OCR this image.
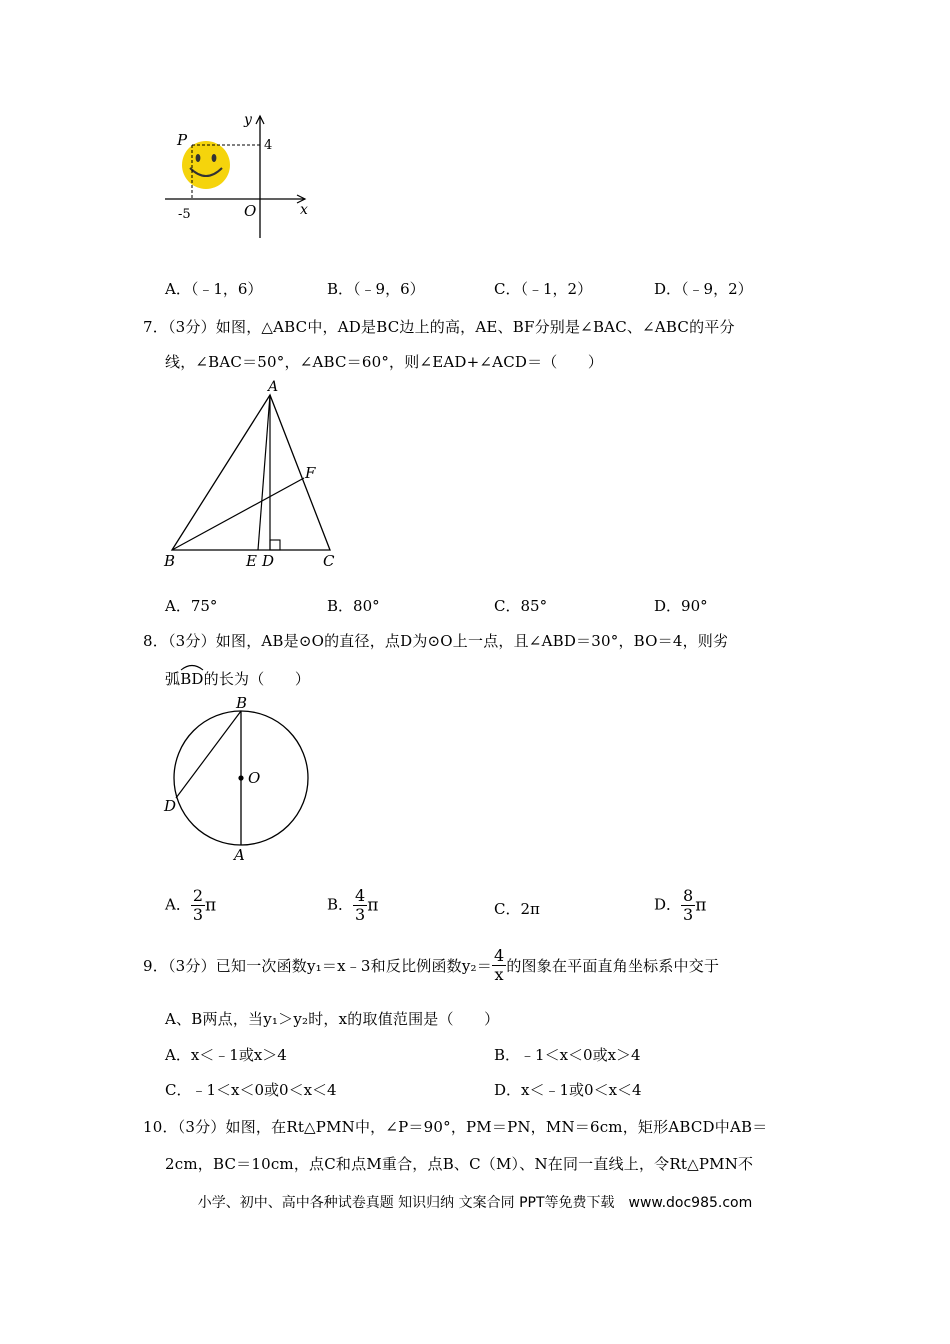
P
y
x
O
4
-5
A．（﹣1，6）	B．（﹣9，6）	C．（﹣1，2）	D．（﹣9，2）
7．（3分）如图，△ABC中，AD是BC边上的高，AE、BF分别是∠BAC、∠ABC的平分
线，∠BAC＝50°，∠ABC＝60°，则∠EAD+∠ACD＝（　　）
A
B	C
E D
F
A．75°	B．80°	C．85°	D．90°
8．（3分）如图，AB是⊙O的直径，点D为⊙O上一点，且∠ABD＝30°，BO＝4，则劣
弧
BD的长为（　　）
B
O
D
A
A． $\frac{2}{3}$ π	B． $\frac{4}{3}$ π	C．2π	D． $\frac{8}{3}$ π
9．（3分）已知一次函数y₁＝x﹣3和反比例函数$y_2= \frac{4}{x}$ 的图象在平面直角坐标系中交于
A、B两点，当y₁＞y₂时，x的取值范围是（　　）
A．x＜﹣1或x＞4	B．﹣1＜x＜0或x＞4
C．﹣1＜x＜0或0＜x＜4	D．x＜﹣1或0＜x＜4
10．（3分）如图，在Rt△PMN中，∠P＝90°，PM＝PN，MN＝6cm，矩形ABCD中AB＝
2cm，BC＝10cm，点C和点M重合，点B、C（M）、N在同一直线上，令Rt△PMN不
小学、初中、高中各种试卷真题 知识归纳 文案合同 PPT等免费下载　www.doc985.com
